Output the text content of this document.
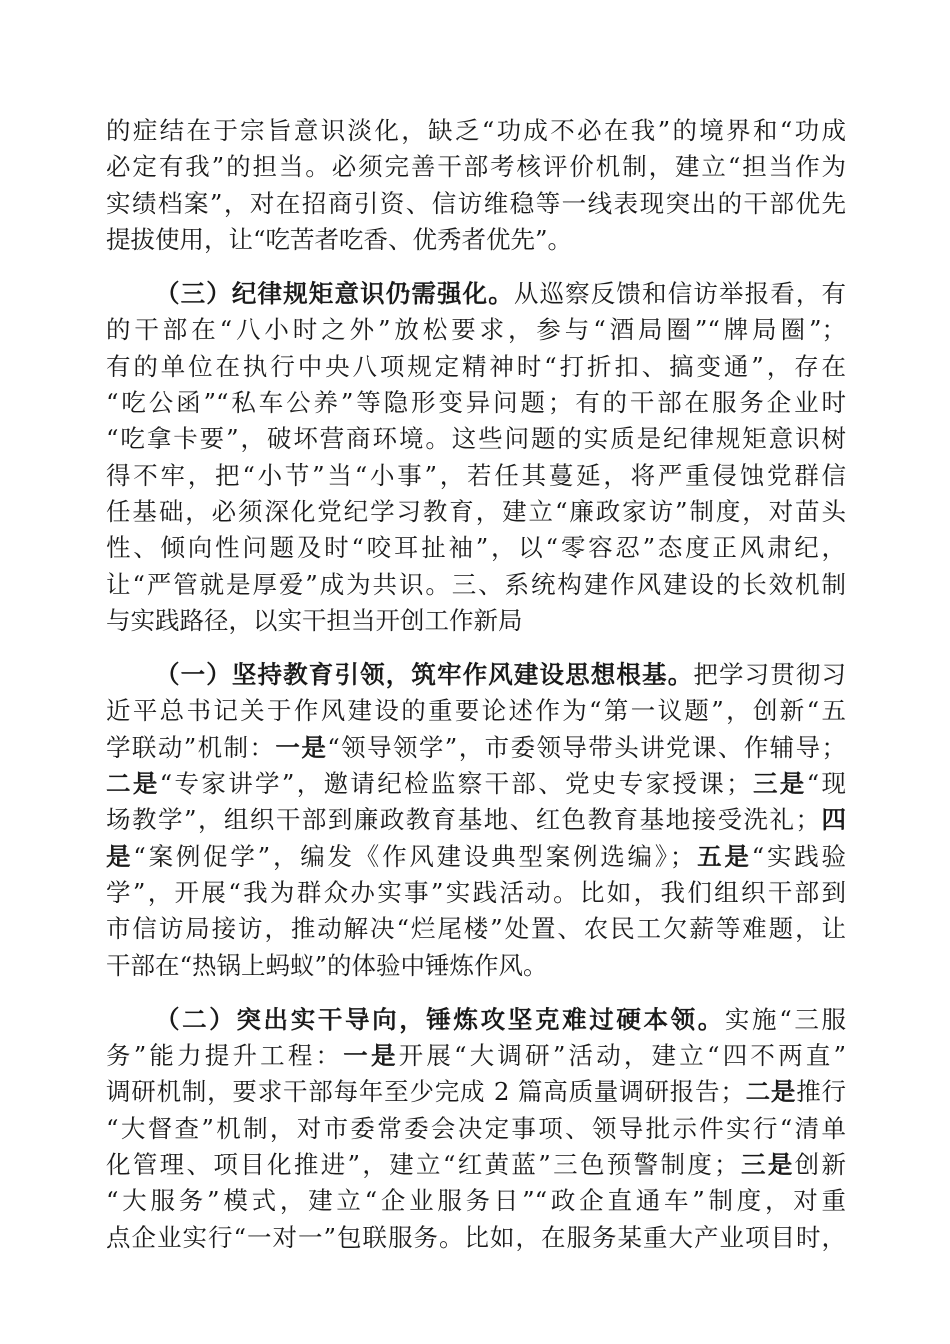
的症结在于宗旨意识淡化，缺乏“功成不必在我”的境界和“功成
必定有我”的担当。必须完善干部考核评价机制，建立“担当作为
实绩档案”，对在招商引资、信访维稳等一线表现突出的干部优先
提拔使用，让“吃苦者吃香、优秀者优先”。

（三）纪律规矩意识仍需强化。从巡察反馈和信访举报看，有
的干部在“八小时之外”放松要求，参与“酒局圈”“牌局圈”；
有的单位在执行中央八项规定精神时“打折扣、搞变通”，存在
“吃公函”“私车公养”等隐形变异问题；有的干部在服务企业时
“吃拿卡要”，破坏营商环境。这些问题的实质是纪律规矩意识树
得不牢，把“小节”当“小事”，若任其蔓延，将严重侵蚀党群信
任基础，必须深化党纪学习教育，建立“廉政家访”制度，对苗头
性、倾向性问题及时“咬耳扯袖”，以“零容忍”态度正风肃纪，
让“严管就是厚爱”成为共识。三、系统构建作风建设的长效机制
与实践路径，以实干担当开创工作新局

（一）坚持教育引领，筑牢作风建设思想根基。把学习贯彻习
近平总书记关于作风建设的重要论述作为“第一议题”，创新“五
学联动”机制：一是“领导领学”，市委领导带头讲党课、作辅导；
二是“专家讲学”，邀请纪检监察干部、党史专家授课；三是“现
场教学”，组织干部到廉政教育基地、红色教育基地接受洗礼；四
是“案例促学”，编发《作风建设典型案例选编》；五是“实践验
学”，开展“我为群众办实事”实践活动。比如，我们组织干部到
市信访局接访，推动解决“烂尾楼”处置、农民工欠薪等难题，让
干部在“热锅上蚂蚁”的体验中锤炼作风。

（二）突出实干导向，锤炼攻坚克难过硬本领。实施“三服
务”能力提升工程：一是开展“大调研”活动，建立“四不两直”
调研机制，要求干部每年至少完成 2 篇高质量调研报告；二是推行
“大督查”机制，对市委常委会决定事项、领导批示件实行“清单
化管理、项目化推进”，建立“红黄蓝”三色预警制度；三是创新
“大服务”模式，建立“企业服务日”“政企直通车”制度，对重
点企业实行“一对一”包联服务。比如，在服务某重大产业项目时，
